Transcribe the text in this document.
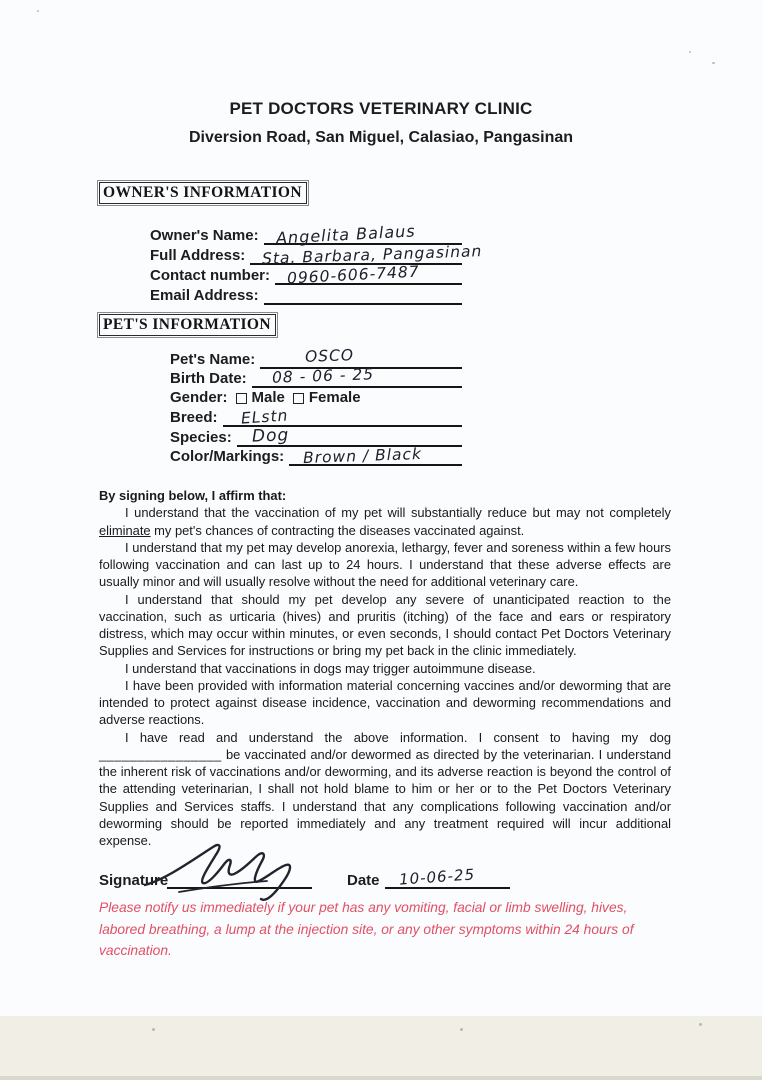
PET DOCTORS VETERINARY CLINIC
Diversion Road, San Miguel, Calasiao, Pangasinan
OWNER'S INFORMATION
Owner's Name: Angelita Balaus
Full Address: Sta. Barbara, Pangasinan
Contact number: 0960-606-7487
Email Address:
PET'S INFORMATION
Pet's Name:	OSCO
Birth Date: 08 - 06 - 25
Gender: Male Female
Breed: ELstn
Species: Dog
Color/Markings: Brown / Black

By signing below, I affirm that:

I understand that the vaccination of my pet will substantially reduce but may not completely eliminate my pet's chances of contracting the diseases vaccinated against.

I understand that my pet may develop anorexia, lethargy, fever and soreness within a few hours following vaccination and can last up to 24 hours. I understand that these adverse effects are usually minor and will usually resolve without the need for additional veterinary care.

I understand that should my pet develop any severe of unanticipated reaction to the vaccination, such as urticaria (hives) and pruritis (itching) of the face and ears or respiratory distress, which may occur within minutes, or even seconds, I should contact Pet Doctors Veterinary Supplies and Services for instructions or bring my pet back in the clinic immediately.

I understand that vaccinations in dogs may trigger autoimmune disease.

I have been provided with information material concerning vaccines and/or deworming that are intended to protect against disease incidence, vaccination and deworming recommendations and adverse reactions.

I have read and understand the above information. I consent to having my dog ________________ be vaccinated and/or dewormed as directed by the veterinarian. I understand the inherent risk of vaccinations and/or deworming, and its adverse reaction is beyond the control of the attending veterinarian, I shall not hold blame to him or her or to the Pet Doctors Veterinary Supplies and Services staffs. I understand that any complications following vaccination and/or deworming should be reported immediately and any treatment required will incur additional expense.

Signature	Date 10-06-25
Please notify us immediately if your pet has any vomiting, facial or limb swelling, hives, labored breathing, a lump at the injection site, or any other symptoms within 24 hours of vaccination.
